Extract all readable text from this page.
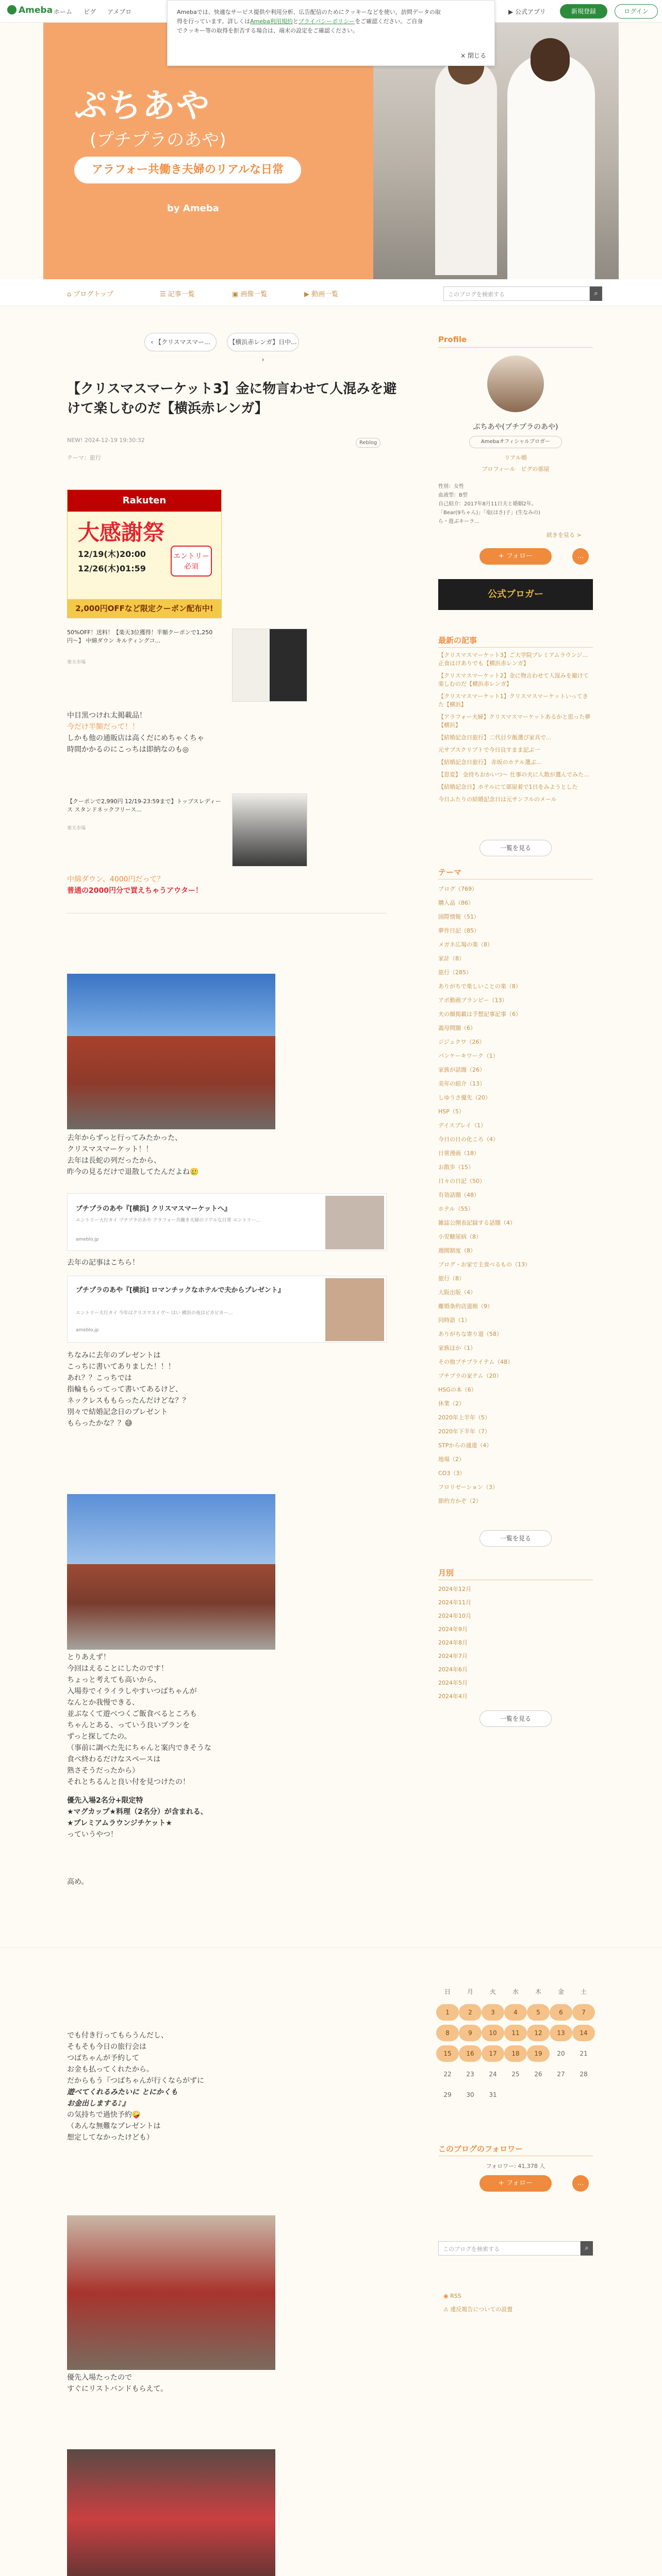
Ameba ホーム ピグ アメブロ	▶ 公式アプリ	新規登録	ログイン
ぷちあや
(プチプラのあや)
アラフォー共働き夫婦のリアルな日常
by Ameba
Amebaでは、快適なサービス提供や利用分析、広告配信のためにクッキーなどを使い，訪問データの取
得を行っています。詳しくはAmeba利用規約とプライバシーポリシーをご確認ください。ご自身
でクッキー等の取得を拒否する場合は、端末の設定をご確認ください。
× 閉じる
⌂ ブログトップ	☰ 記事一覧	▣ 画像一覧	▶ 動画一覧	このブログを検索する	⌕
‹ 【クリスマスマー...	【横浜赤レンガ】日中... ›
【クリスマスマーケット3】金に物言わせて人混みを避けて楽しむのだ【横浜赤レンガ】
NEW! 2024-12-19 19:30:32
テーマ：旅行
Reblog
Rakuten
大感謝祭
12/19(木)20:00
12/26(木)01:59
エントリー必須
2,000円OFFなど限定クーポン配布中!
50%OFF！送料！【楽天3位獲得！半額クーポンで1,250円〜】 中綿ダウン キルティングコ...
楽天市場
中目黒つけれ太掲載品！
今だけ半額だって！！
しかも他の通販店は高くだにめちゃくちゃ
時間かかるのにこっちは即納なのも◎
【クーポンで2,990円 12/19-23:59まで】トップスレディース スタンドネックフリース...
楽天市場
中綿ダウン、4000円だって？
普通の2000円分で買えちゃうアウター！
去年からずっと行ってみたかった、
クリスマスマーケット！！
去年は長蛇の列だったから、
昨今の見るだけで退散してたんだよね🥲
プチプラのあや『[横浜] クリスマスマーケットへ』
エントリー大行タイ プチプラのあや アラフォー共働き夫婦のリアルな日常 エントリー...
ameblo.jp
去年の記事はこちら！
プチプラのあや『[横浜] ロマンチックなホテルで夫からプレゼント』
エントリー大行タイ 今年はクリスマスイヴ〜 はい 横浜の夜はピカピカー...
ameblo.jp
ちなみに去年のプレゼントは
こっちに書いてありました！！！
あれ？？こっちでは
指輪もらってって書いてあるけど、
ネックレスももらったんだけどな？？
別々で結婚記念日のプレゼント
もらったかな？？😅
とりあえず！
今回はえることにしたのです！
ちょっと考えても高いから、
入場券でイライラしやすいつばちゃんが
なんとか我慢できる、
並ぶなくて遊べつくご飯食べるところも
ちゃんとある、っていう良いプランを
ずっと探してたの。
（事前に調べた先にちゃんと案内できそうな
食べ終わるだけなスペースは
熟さそうだったから）
それとちるんと良い付を見つけたの！
優先入場2名分+限定特
★マグカップ★料理（2名分）が含まれる、
★プレミアムラウンジチケット★
っていうやつ！
高め。
でも付き行ってもらうんだし、
そもそも今日の旅行会は
つばちゃんが予約して
お金も払ってくれたから。
だからもう『つばちゃんが行くならがずに
遊べてくれるみたいに とにかくも
お金出しまする♪』
の気持ちで過快予約🤪
（あんな無難なプレゼントは
想定してなかったけども）
優先入場たったので
すぐにリストバンドもらえて。
Profile
ぷちあや(プチプラのあや)
Amebaオフィシャルブロガー
リアル婚
プロフィール　ピグの部屋
性別：女性
血液型：B型
自己紹介：2017年8月11日夫と婚姻2年。
「Bear(9ちゃん)」「竜(はさ)子」(生なみの)
ら・遊ぶキーラ...
続きを見る >
+ フォロー	…
公式ブロガー
最新の記事
【クリスマスマーケット3】ご大学院プレミアムラウンジ... 正食はけありでも【横浜赤レンガ】
【クリスマスマーケット2】金に物言わせて人混みを避けて楽しむのだ【横浜赤レンガ】
【クリスマスマーケット1】クリスマスマーケットいってきた【横浜】
【アラフォー夫婦】クリスマスマーケットあるかと思った夢【横浜】
【結婚記念日旅行】二代目夕飯選び家具で...
元サブスクリプトで今日良すまま記ぶ一
【結婚記念日旅行】 赤坂のホテル選ぶ…
【思変】 金持ちおかいつ〜 仕事の夫に人数が選んでみた…
【結婚記念日】ホテルにて部屋着で1日をみようとした
今日ふたりの結婚記念日は元サンフルのメール
一覧を見る
テーマ
ブログ（769）
購入品（86）
国際情報（51）
夢作日記（85）
メガネ広場の楽（8）
家計（8）
旅行（285）
ありがちで楽しいことの楽（8）
アポ動画ブランピー（13）
夫の顔掲載は予想記事記事（6）
義母問題（6）
ジジュクワ（26）
パンケーキワーク（1）
家族が話題（26）
美年の紹介（13）
しゆうさ優先（20）
HSP（5）
デイスプレイ（1）
今日の日の化ころ（4）
日常漫画（18）
お散歩（15）
日々の日記（50）
有効話題（48）
ホテル（55）
雑誌公開表記録する話題（4）
小児糖尿病（8）
週間制度（8）
ブログ・お家で主食べるもの（13）
旅行（8）
大阪出版（4）
離婚条約店道館（9）
同時語（1）
ありがちな寄り道（58）
家族ほか（1）
その他プチプライテム（48）
プチプラの家テム（20）
HSGの本（6）
休業（2）
2020年上半年（5）
2020年下半年（7）
STPからの通道（4）
地場（2）
CO3（3）
フロリゼーション（3）
節約方かぞ（2）
一覧を見る
月別
2024年12月
2024年11月
2024年10月
2024年9月
2024年8月
2024年7月
2024年6月
2024年5月
2024年4月
一覧を見る
日	月	火	水	木	金	土
1	2	3	4	5	6	7
8	9	10	11	12	13	14
15	16	17	18	19	20	21
22	23	24	25	26	27	28
29	30	31
このブログのフォロワー
フォロワー: 41,378 人
+ フォロー	…
このブログを検索する	⌕
◉ RSS
⚠ 違反報告についての設置
